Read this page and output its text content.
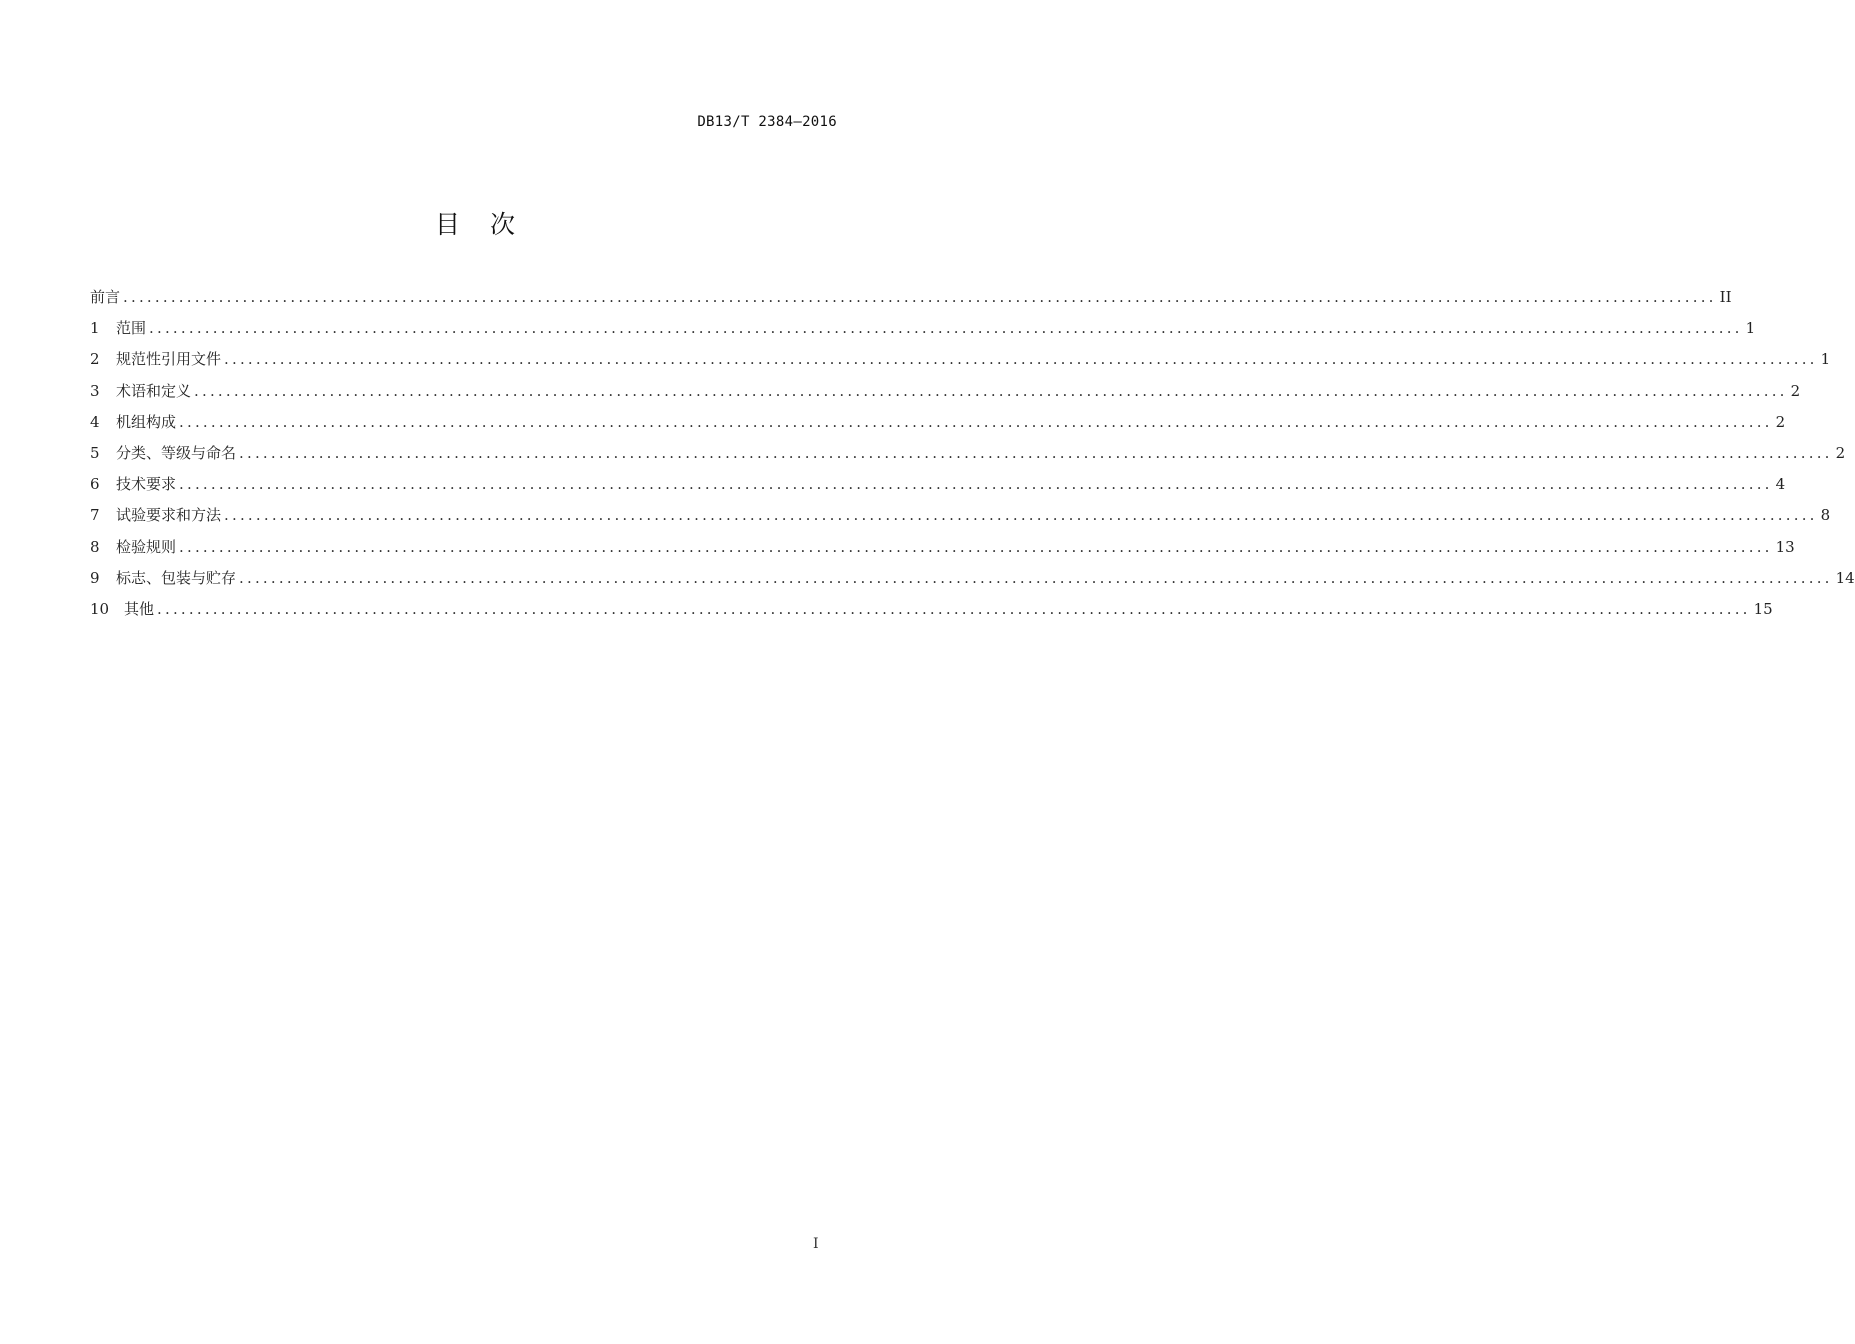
DB13/T 2384—2016
目次
前言 ........................................................................................................................................................................................................ II
1	范围 ........................................................................................................................................................................................................ 1
2	规范性引用文件 ........................................................................................................................................................................................................ 1
3	术语和定义 ........................................................................................................................................................................................................ 2
4	机组构成 ........................................................................................................................................................................................................ 2
5	分类、等级与命名 ........................................................................................................................................................................................................ 2
6	技术要求 ........................................................................................................................................................................................................ 4
7	试验要求和方法 ........................................................................................................................................................................................................ 8
8	检验规则 ........................................................................................................................................................................................................ 13
9	标志、包装与贮存 ........................................................................................................................................................................................................ 14
10 其他 ........................................................................................................................................................................................................ 15
I
